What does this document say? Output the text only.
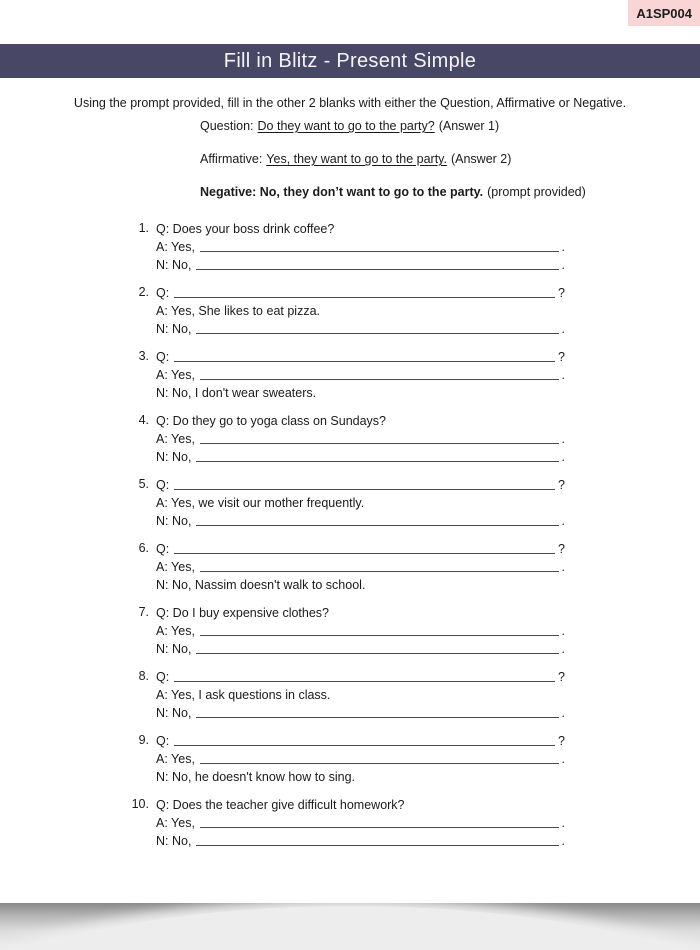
A1SP004
Fill in Blitz - Present Simple
Using the prompt provided, fill in the other 2 blanks with either the Question, Affirmative or Negative.
Question: Do they want to go to the party? (Answer 1)
Affirmative: Yes, they want to go to the party. (Answer 2)
Negative: No, they don’t want to go to the party. (prompt provided)
1. Q: Does your boss drink coffee?
A: Yes,	.
N: No,	.
2. Q:	?
A: Yes, She likes to eat pizza.
N: No,	.
3. Q:	?
A: Yes,	.
N: No, I don't wear sweaters.
4. Q: Do they go to yoga class on Sundays?
A: Yes,	.
N: No,	.
5. Q:	?
A: Yes, we visit our mother frequently.
N: No,	.
6. Q:	?
A: Yes,	.
N: No, Nassim doesn't walk to school.
7. Q: Do I buy expensive clothes?
A: Yes,	.
N: No,	.
8. Q:	?
A: Yes, I ask questions in class.
N: No,	.
9. Q:	?
A: Yes,	.
N: No, he doesn't know how to sing.
10. Q: Does the teacher give difficult homework?
A: Yes,	.
N: No,	.
